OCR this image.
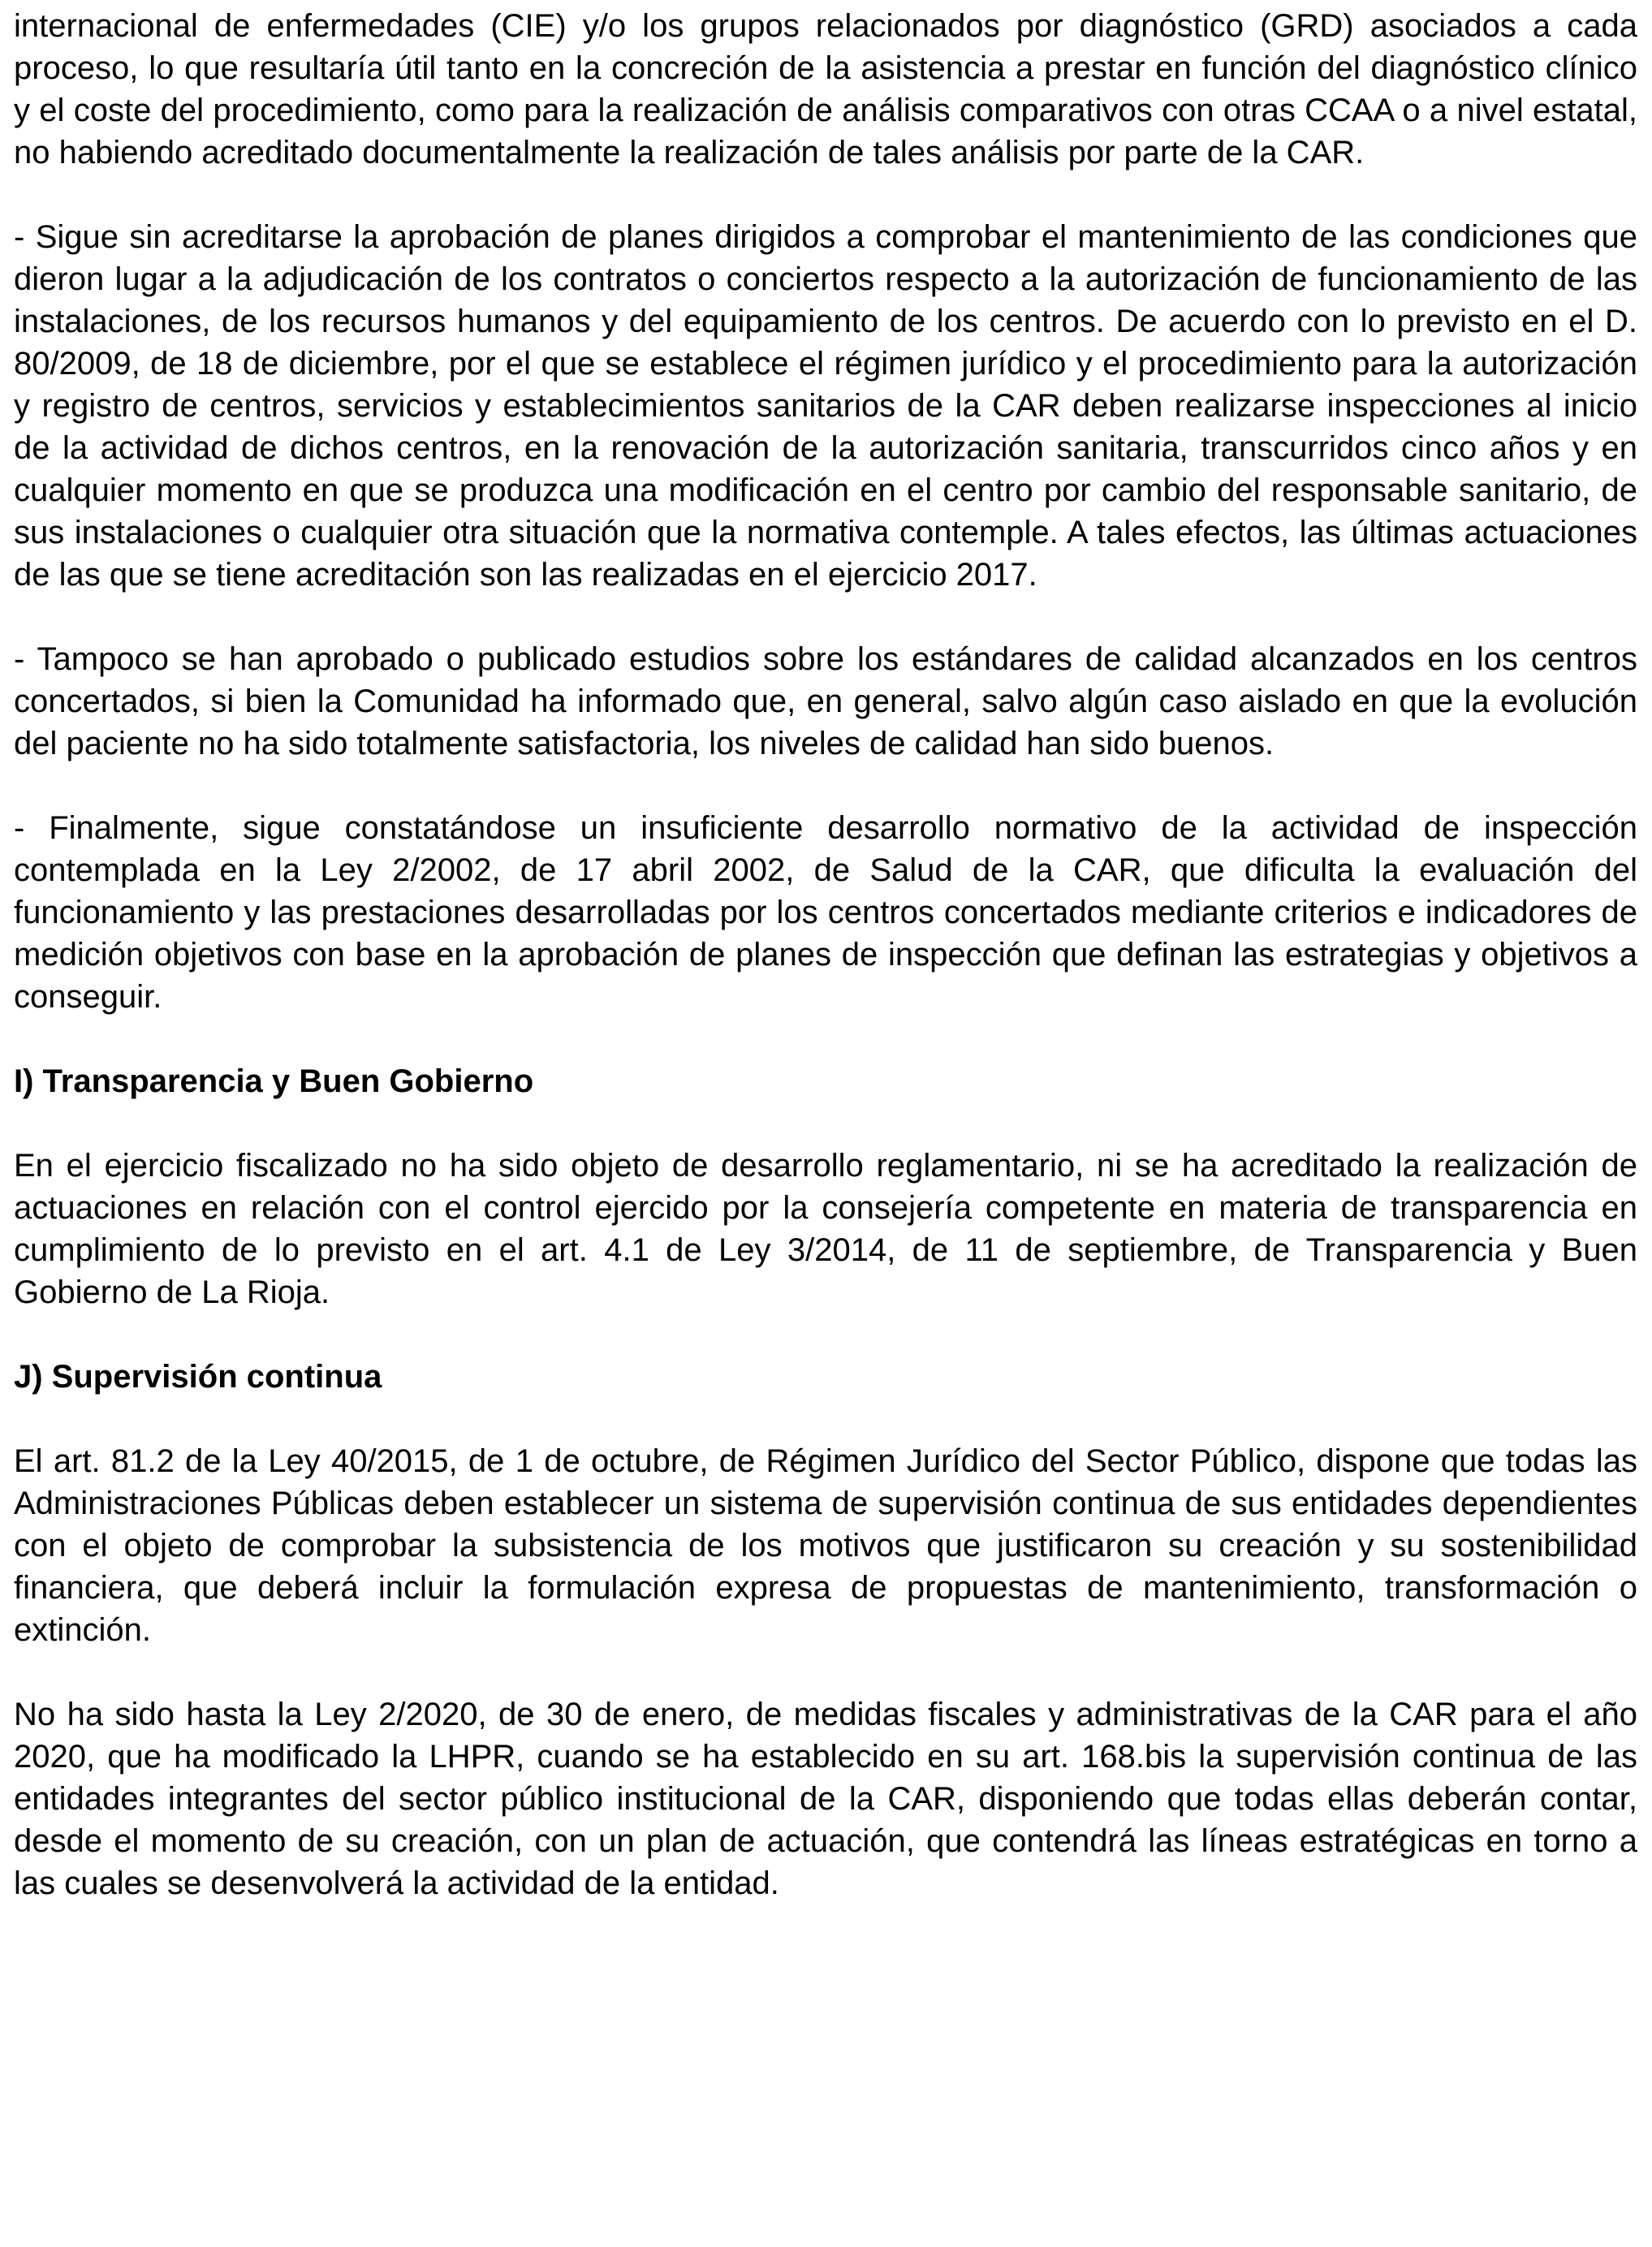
internacional de enfermedades (CIE) y/o los grupos relacionados por diagnóstico (GRD) asociados a cada proceso, lo que resultaría útil tanto en la concreción de la asistencia a prestar en función del diagnóstico clínico y el coste del procedimiento, como para la realización de análisis comparativos con otras CCAA o a nivel estatal, no habiendo acreditado documentalmente la realización de tales análisis por parte de la CAR.

- Sigue sin acreditarse la aprobación de planes dirigidos a comprobar el mantenimiento de las condiciones que dieron lugar a la adjudicación de los contratos o conciertos respecto a la autorización de funcionamiento de las instalaciones, de los recursos humanos y del equipamiento de los centros. De acuerdo con lo previsto en el D. 80/2009, de 18 de diciembre, por el que se establece el régimen jurídico y el procedimiento para la autorización y registro de centros, servicios y establecimientos sanitarios de la CAR deben realizarse inspecciones al inicio de la actividad de dichos centros, en la renovación de la autorización sanitaria, transcurridos cinco años y en cualquier momento en que se produzca una modificación en el centro por cambio del responsable sanitario, de sus instalaciones o cualquier otra situación que la normativa contemple. A tales efectos, las últimas actuaciones de las que se tiene acreditación son las realizadas en el ejercicio 2017.

- Tampoco se han aprobado o publicado estudios sobre los estándares de calidad alcanzados en los centros concertados, si bien la Comunidad ha informado que, en general, salvo algún caso aislado en que la evolución del paciente no ha sido totalmente satisfactoria, los niveles de calidad han sido buenos.

- Finalmente, sigue constatándose un insuficiente desarrollo normativo de la actividad de inspección contemplada en la Ley 2/2002, de 17 abril 2002, de Salud de la CAR, que dificulta la evaluación del funcionamiento y las prestaciones desarrolladas por los centros concertados mediante criterios e indicadores de medición objetivos con base en la aprobación de planes de inspección que definan las estrategias y objetivos a conseguir.

I) Transparencia y Buen Gobierno

En el ejercicio fiscalizado no ha sido objeto de desarrollo reglamentario, ni se ha acreditado la realización de actuaciones en relación con el control ejercido por la consejería competente en materia de transparencia en cumplimiento de lo previsto en el art. 4.1 de Ley 3/2014, de 11 de septiembre, de Transparencia y Buen Gobierno de La Rioja.

J) Supervisión continua

El art. 81.2 de la Ley 40/2015, de 1 de octubre, de Régimen Jurídico del Sector Público, dispone que todas las Administraciones Públicas deben establecer un sistema de supervisión continua de sus entidades dependientes con el objeto de comprobar la subsistencia de los motivos que justificaron su creación y su sostenibilidad financiera, que deberá incluir la formulación expresa de propuestas de mantenimiento, transformación o extinción.

No ha sido hasta la Ley 2/2020, de 30 de enero, de medidas fiscales y administrativas de la CAR para el año 2020, que ha modificado la LHPR, cuando se ha establecido en su art. 168.bis la supervisión continua de las entidades integrantes del sector público institucional de la CAR, disponiendo que todas ellas deberán contar, desde el momento de su creación, con un plan de actuación, que contendrá las líneas estratégicas en torno a las cuales se desenvolverá la actividad de la entidad.
